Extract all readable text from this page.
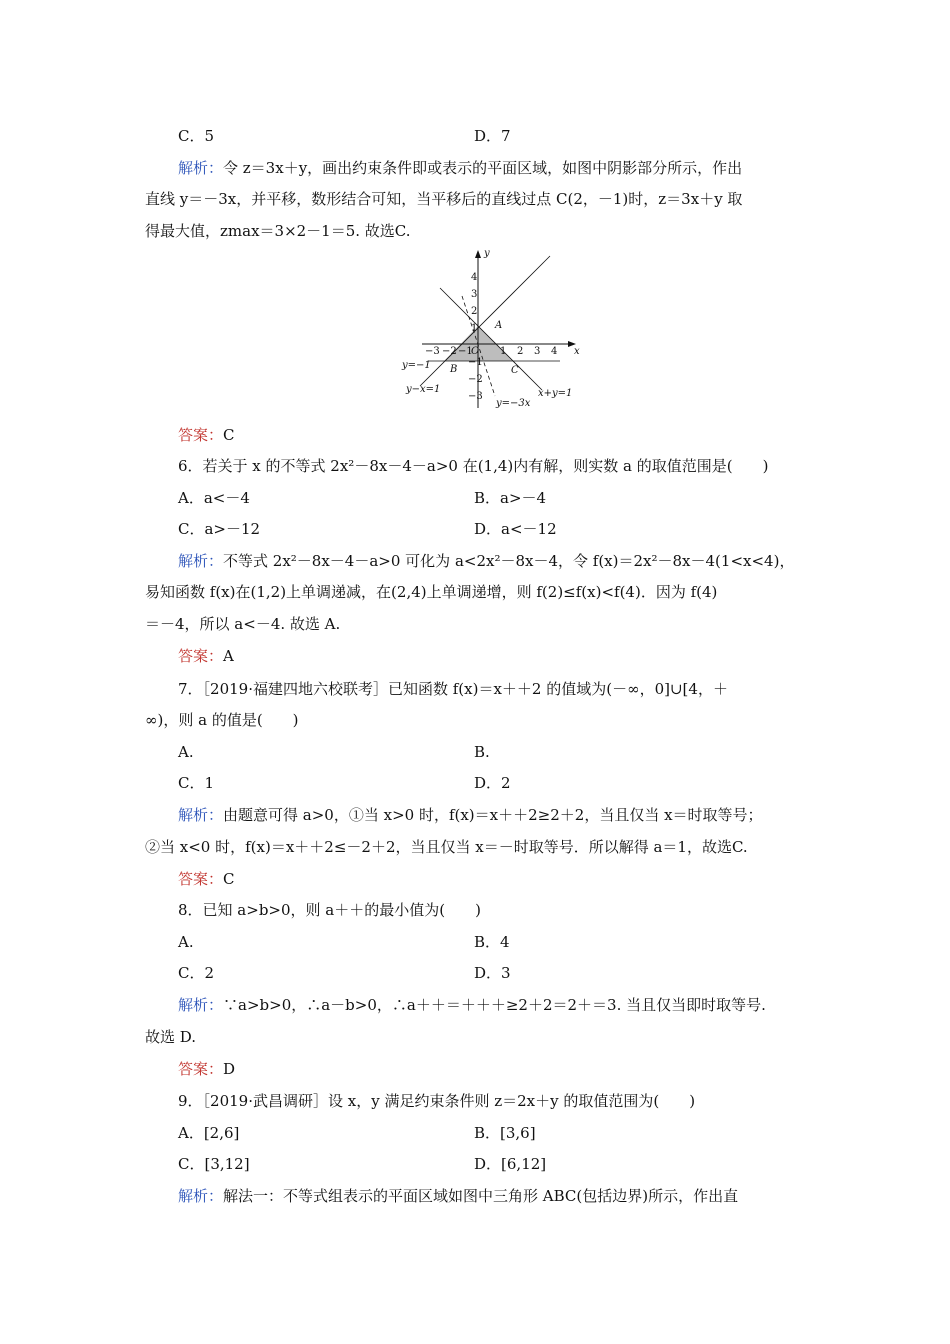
C．5	D．7
解析：令 z＝3x＋y，画出约束条件即或表示的平面区域，如图中阴影部分所示，作出
直线 y＝－3x，并平移，数形结合可知，当平移后的直线过点 C(2，－1)时，z＝3x＋y 取
得最大值，zmax＝3×2－1＝5. 故选C.
x
y
O
−3 −2 −1	1 2 3 4
4
3
2
1
−1
−2
−3
A
B	C
y=−1
y−x=1
y=−3x
x+y=1
答案：C
6．若关于 x 的不等式 2x²－8x－4－a>0 在(1,4)内有解，则实数 a 的取值范围是(　　)
A．a<－4	B．a>－4
C．a>－12	D．a<－12
解析：不等式 2x²－8x－4－a>0 可化为 a<2x²－8x－4，令 f(x)＝2x²－8x－4(1<x<4)，
易知函数 f(x)在(1,2)上单调递减，在(2,4)上单调递增，则 f(2)≤f(x)<f(4)．因为 f(4)
＝－4，所以 a<－4. 故选 A.
答案：A
7．［2019·福建四地六校联考］已知函数 f(x)＝x＋＋2 的值域为(－∞，0]∪[4，＋
∞)，则 a 的值是(　　)
A.	B.
C．1	D．2
解析：由题意可得 a>0，①当 x>0 时，f(x)＝x＋＋2≥2＋2，当且仅当 x＝时取等号；
②当 x<0 时，f(x)＝x＋＋2≤－2＋2，当且仅当 x＝－时取等号．所以解得 a＝1，故选C.
答案：C
8．已知 a>b>0，则 a＋＋的最小值为(　　)
A.	B．4
C．2	D．3
解析：∵a>b>0，∴a－b>0，∴a＋＋＝＋＋＋≥2＋2＝2＋＝3. 当且仅当即时取等号.
故选 D.
答案：D
9．［2019·武昌调研］设 x，y 满足约束条件则 z＝2x＋y 的取值范围为(　　)
A．[2,6]	B．[3,6]
C．[3,12]	D．[6,12]
解析：解法一：不等式组表示的平面区域如图中三角形 ABC(包括边界)所示，作出直
